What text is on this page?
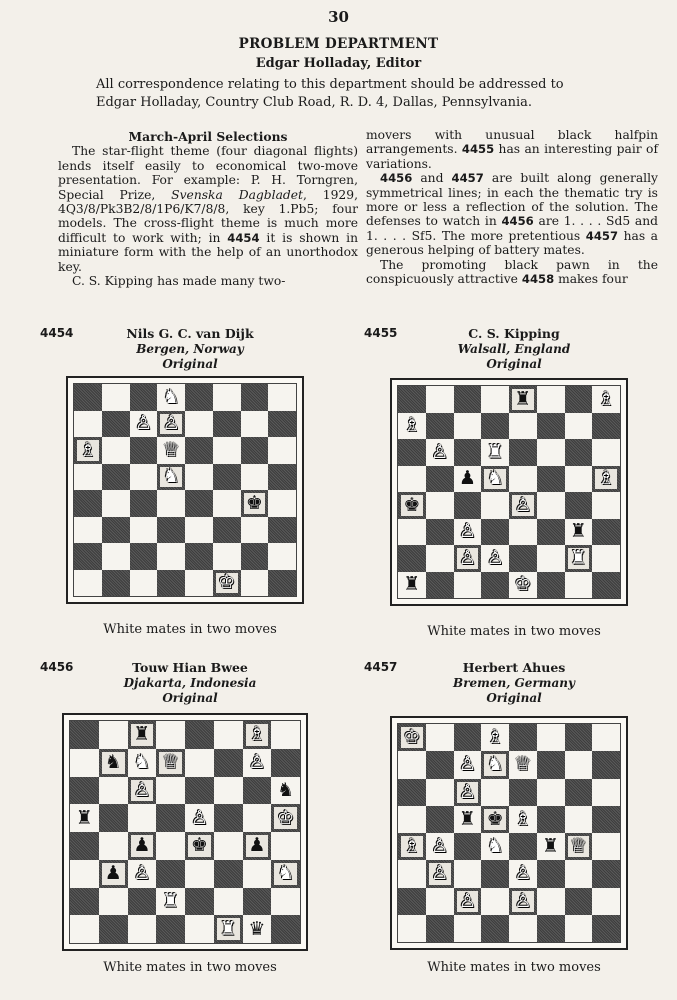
30
PROBLEM DEPARTMENT
Edgar Holladay, Editor
All correspondence relating to this department should be addressed to
Edgar Holladay, Country Club Road, R. D. 4, Dallas, Pennsylvania.
March-April Selections

The star-flight theme (four diagonal flights) lends itself easily to economical two-move presentation. For example: P. H. Torngren, Special Prize, Svenska Dagbladet, 1929, 4Q3/8/Pk3B2/8/1P6/K7/8/8, key 1.Pb5; four models. The cross-flight theme is much more difficult to work with; in 4454 it is shown in miniature form with the help of an unorthodox key.

C. S. Kipping has made many two-

movers with unusual black halfpin arrangements. 4455 has an interesting pair of variations.

4456 and 4457 are built along generally symmetrical lines; in each the thematic try is more or less a reflection of the solution. The defenses to watch in 4456 are 1. . . . Sd5 and 1. . . . Sf5. The more pretentious 4457 has a generous helping of battery mates.

The promoting black pawn in the conspicuously attractive 4458 makes four

4454	Nils G. C. van Dijk
Bergen, Norway
Original
♞
♙ ♙
♗	♕
♞
♚
♔
White mates in two moves
4455	C. S. Kipping
Walsall, England
Original
♜	♗
♗
♙ ♜
♟ ♞	♗
♚	♙
♙	♜
♙ ♙	♜
♜	♔
White mates in two moves
4456	Touw Hian Bwee
Djakarta, Indonesia
Original
♜	♗
♞ ♞ ♕	♙
♙	♞
♜	♙	♔
♟ ♚ ♟
♟ ♙	♞
♜
♜ ♛
White mates in two moves
4457	Herbert Ahues
Bremen, Germany
Original
♔	♗
♙ ♞ ♕
♙
♜ ♚ ♗
♗ ♙ ♞ ♜ ♕
♙	♙
♙ ♙
White mates in two moves
